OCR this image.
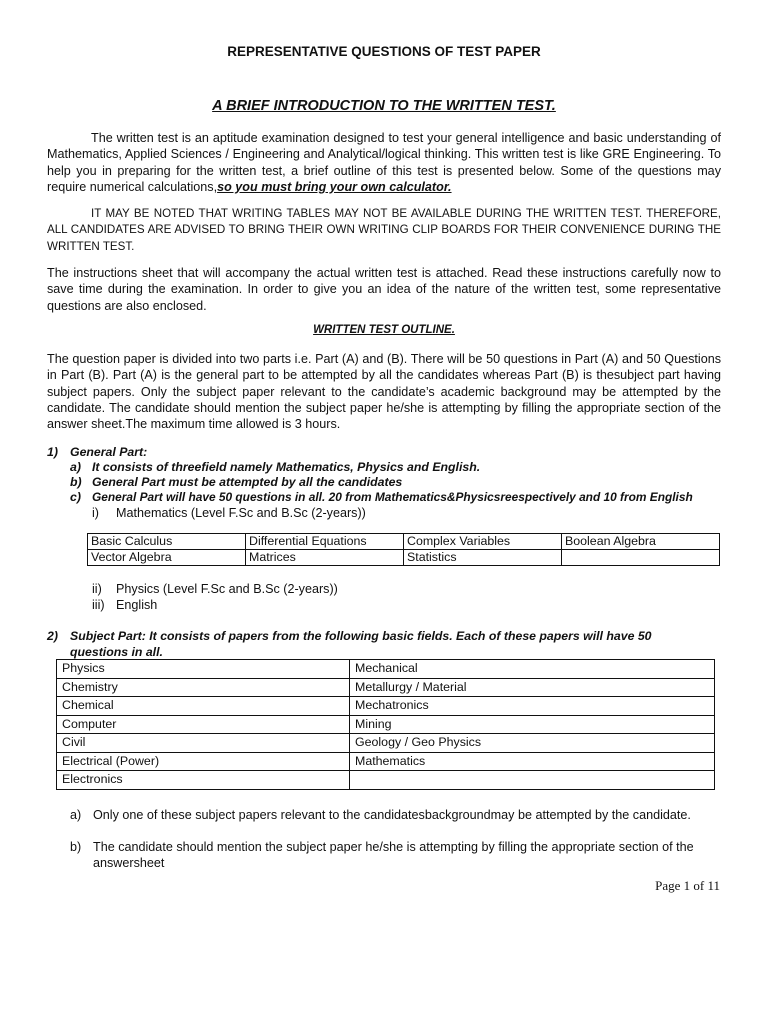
REPRESENTATIVE QUESTIONS OF TEST PAPER
A BRIEF INTRODUCTION TO THE WRITTEN TEST.

The written test is an aptitude examination designed to test your general intelligence and basic understanding of Mathematics, Applied Sciences / Engineering and Analytical/logical thinking. This written test is like GRE Engineering. To help you in preparing for the written test, a brief outline of this test is presented below. Some of the questions may require numerical calculations,so you must bring your own calculator.

IT MAY BE NOTED THAT WRITING TABLES MAY NOT BE AVAILABLE DURING THE WRITTEN TEST. THEREFORE, ALL CANDIDATES ARE ADVISED TO BRING THEIR OWN WRITING CLIP BOARDS FOR THEIR CONVENIENCE DURING THE WRITTEN TEST.

The instructions sheet that will accompany the actual written test is attached. Read these instructions carefully now to save time during the examination. In order to give you an idea of the nature of the written test, some representative questions are also enclosed.

WRITTEN TEST OUTLINE.

The question paper is divided into two parts i.e. Part (A) and (B). There will be 50 questions in Part (A) and 50 Questions in Part (B). Part (A) is the general part to be attempted by all the candidates whereas Part (B) is thesubject part having subject papers. Only the subject paper relevant to the candidate’s academic background may be attempted by the candidate. The candidate should mention the subject paper he/she is attempting by filling the appropriate section of the answer sheet.The maximum time allowed is 3 hours.

1) General Part:
a) It consists of threefield namely Mathematics, Physics and English.
b) General Part must be attempted by all the candidates
c) General Part will have 50 questions in all. 20 from Mathematics&Physicsreespectively and 10 from English
i) Mathematics (Level F.Sc and B.Sc (2-years))
Basic Calculus	Differential Equations	Complex Variables	Boolean Algebra
Vector Algebra	Matrices	Statistics	
ii) Physics (Level F.Sc and B.Sc (2-years))
iii) English
2) Subject Part: It consists of papers from the following basic fields. Each of these papers will have 50 questions in all.
Physics	Mechanical
Chemistry	Metallurgy / Material
Chemical	Mechatronics
Computer	Mining
Civil	Geology / Geo Physics
Electrical (Power)	Mathematics
Electronics	
a) Only one of these subject papers relevant to the candidatesbackgroundmay be attempted by the candidate.
b) The candidate should mention the subject paper he/she is attempting by filling the appropriate section of the answersheet
Page 1 of 11
